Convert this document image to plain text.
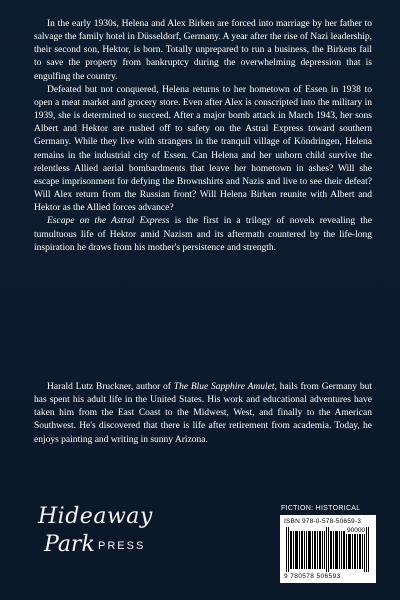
In the early 1930s, Helena and Alex Birken are forced into marriage by her father to salvage the family hotel in Düsseldorf, Germany. A year after the rise of Nazi leadership, their second son, Hektor, is born. Totally unprepared to run a business, the Birkens fail to save the property from bankruptcy during the overwhelming depression that is engulfing the country.

Defeated but not conquered, Helena returns to her hometown of Essen in 1938 to open a meat market and grocery store. Even after Alex is conscripted into the military in 1939, she is determined to succeed. After a major bomb attack in March 1943, her sons Albert and Hektor are rushed off to safety on the Astral Express toward southern Germany. While they live with strangers in the tranquil village of Köndringen, Helena remains in the industrial city of Essen. Can Helena and her unborn child survive the relentless Allied aerial bombardments that leave her hometown in ashes? Will she escape imprisonment for defying the Brownshirts and Nazis and live to see their defeat? Will Alex return from the Russian front? Will Helena Birken reunite with Albert and Hektor as the Allied forces advance?

Escape on the Astral Express is the first in a trilogy of novels revealing the tumultuous life of Hektor amid Nazism and its aftermath countered by the life-long inspiration he draws from his mother's persistence and strength.

Harald Lutz Bruckner, author of The Blue Sapphire Amulet, hails from Germany but has spent his adult life in the United States. His work and educational adventures have taken him from the East Coast to the Midwest, West, and finally to the American Southwest. He's discovered that there is life after retirement from academia. Today, he enjoys painting and writing in sunny Arizona.

Hideaway
Park PRESS
FICTION: HISTORICAL
ISBN 978-0-578-50659-3
90000
9 780578 506593
